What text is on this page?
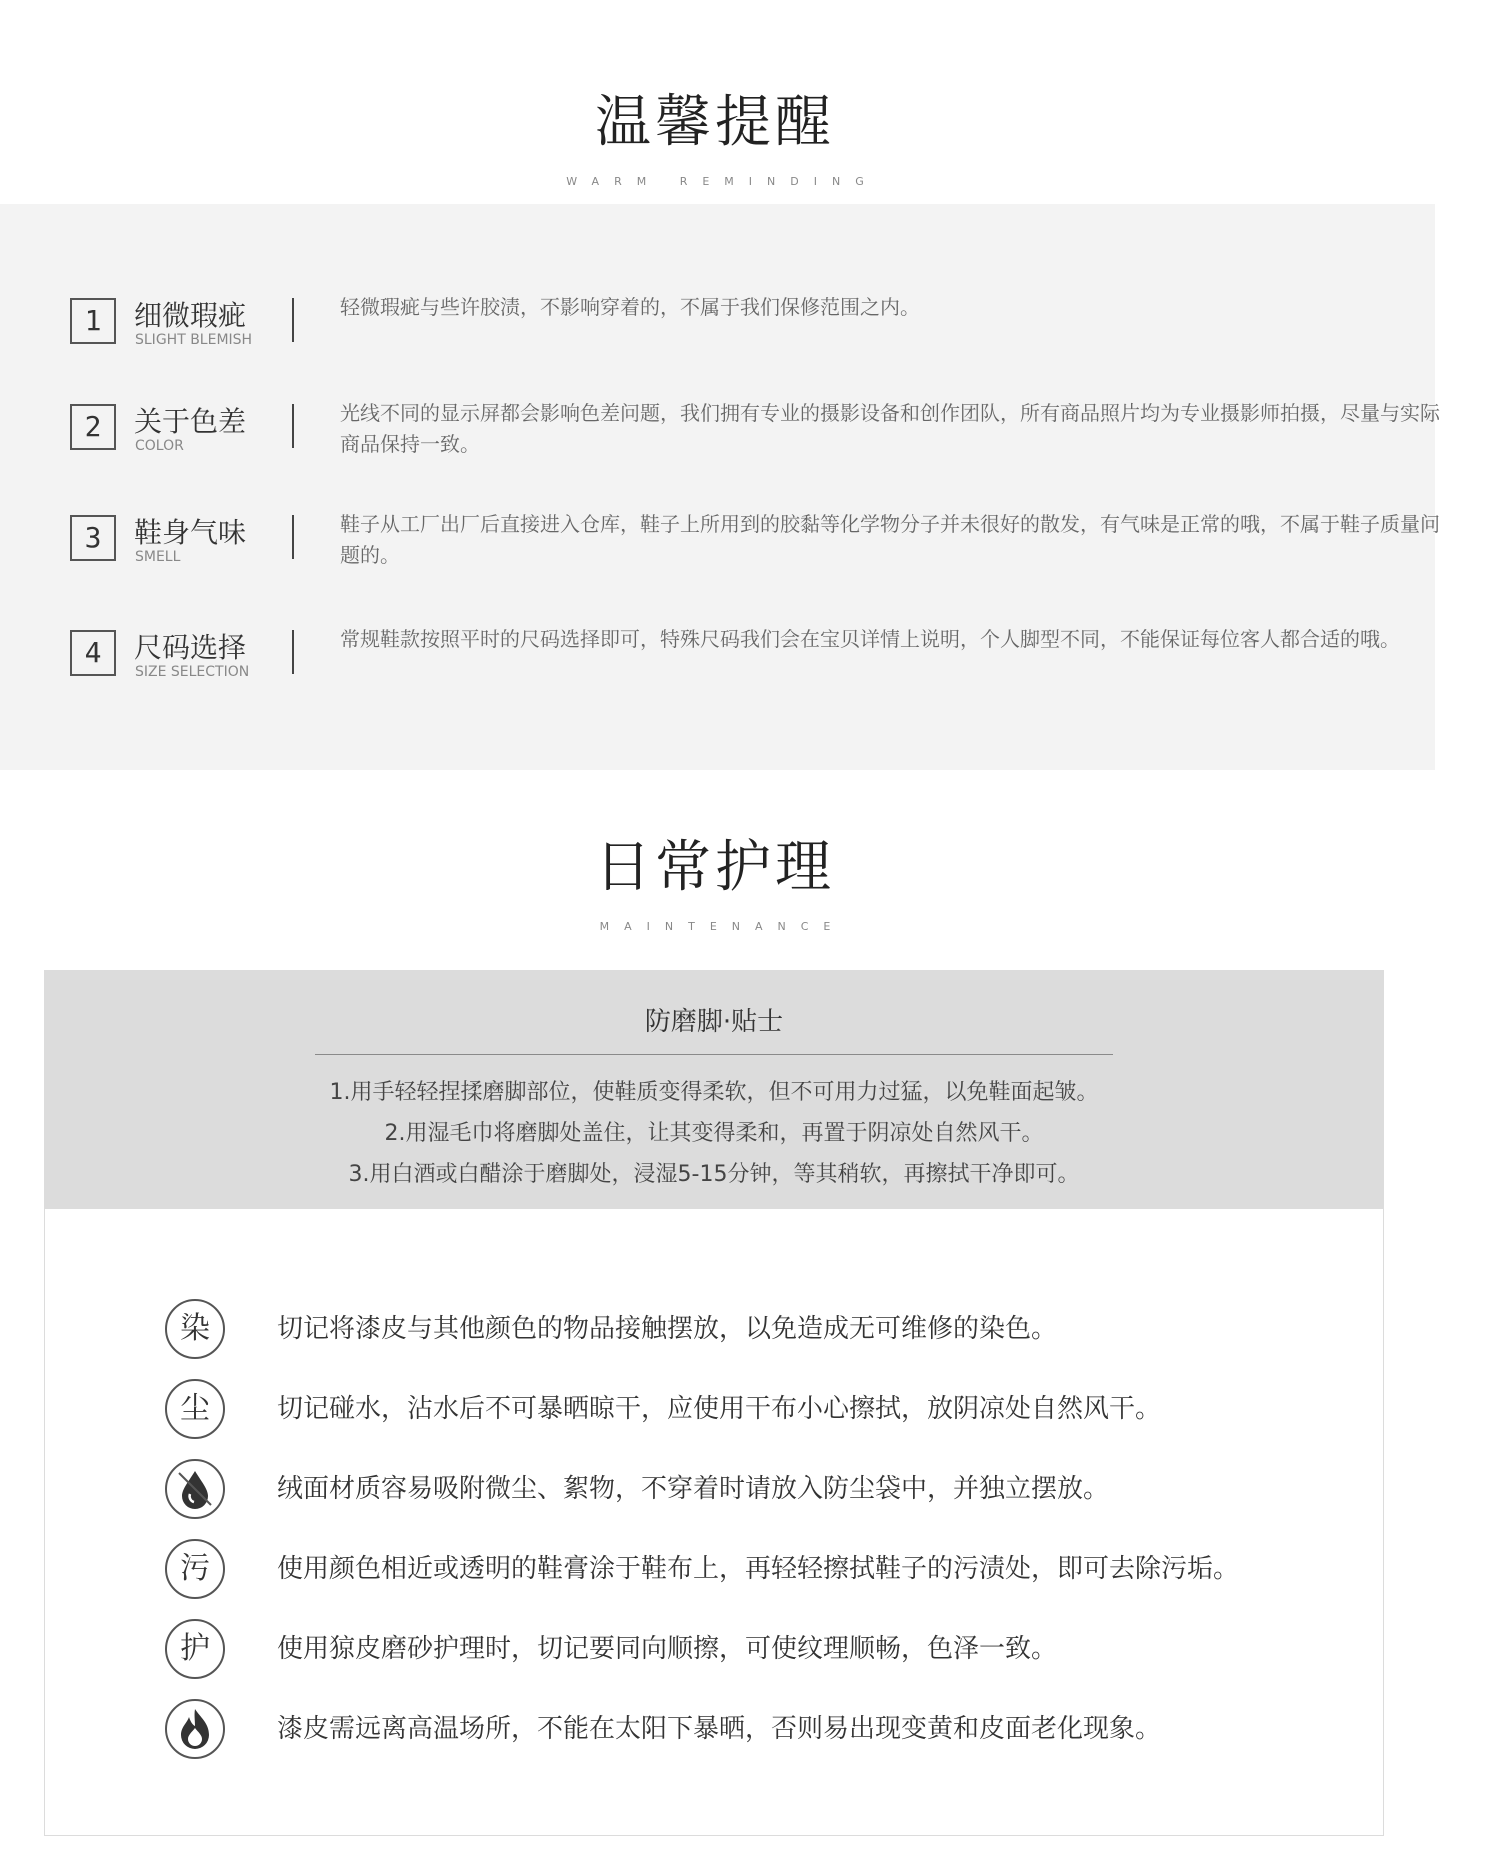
温馨提醒
WARM REMINDING
1	细微瑕疵
SLIGHT BLEMISH
轻微瑕疵与些许胶渍，不影响穿着的，不属于我们保修范围之内。
2	关于色差
COLOR
光线不同的显示屏都会影响色差问题，我们拥有专业的摄影设备和创作团队，所有商品照片均为专业摄影师拍摄，尽量与实际商品保持一致。
3	鞋身气味
SMELL
鞋子从工厂出厂后直接进入仓库，鞋子上所用到的胶黏等化学物分子并未很好的散发，有气味是正常的哦，不属于鞋子质量问题的。
4	尺码选择
SIZE SELECTION
常规鞋款按照平时的尺码选择即可，特殊尺码我们会在宝贝详情上说明，个人脚型不同，不能保证每位客人都合适的哦。
日常护理
MAINTENANCE
防磨脚·贴士
1.用手轻轻捏揉磨脚部位，使鞋质变得柔软，但不可用力过猛，以免鞋面起皱。
2.用湿毛巾将磨脚处盖住，让其变得柔和，再置于阴凉处自然风干。
3.用白酒或白醋涂于磨脚处，浸湿5-15分钟，等其稍软，再擦拭干净即可。
染	切记将漆皮与其他颜色的物品接触摆放，以免造成无可维修的染色。
尘	切记碰水，沾水后不可暴晒晾干，应使用干布小心擦拭，放阴凉处自然风干。
绒面材质容易吸附微尘、絮物，不穿着时请放入防尘袋中，并独立摆放。
污	使用颜色相近或透明的鞋膏涂于鞋布上，再轻轻擦拭鞋子的污渍处，即可去除污垢。
护	使用猄皮磨砂护理时，切记要同向顺擦，可使纹理顺畅，色泽一致。
漆皮需远离高温场所，不能在太阳下暴晒，否则易出现变黄和皮面老化现象。
